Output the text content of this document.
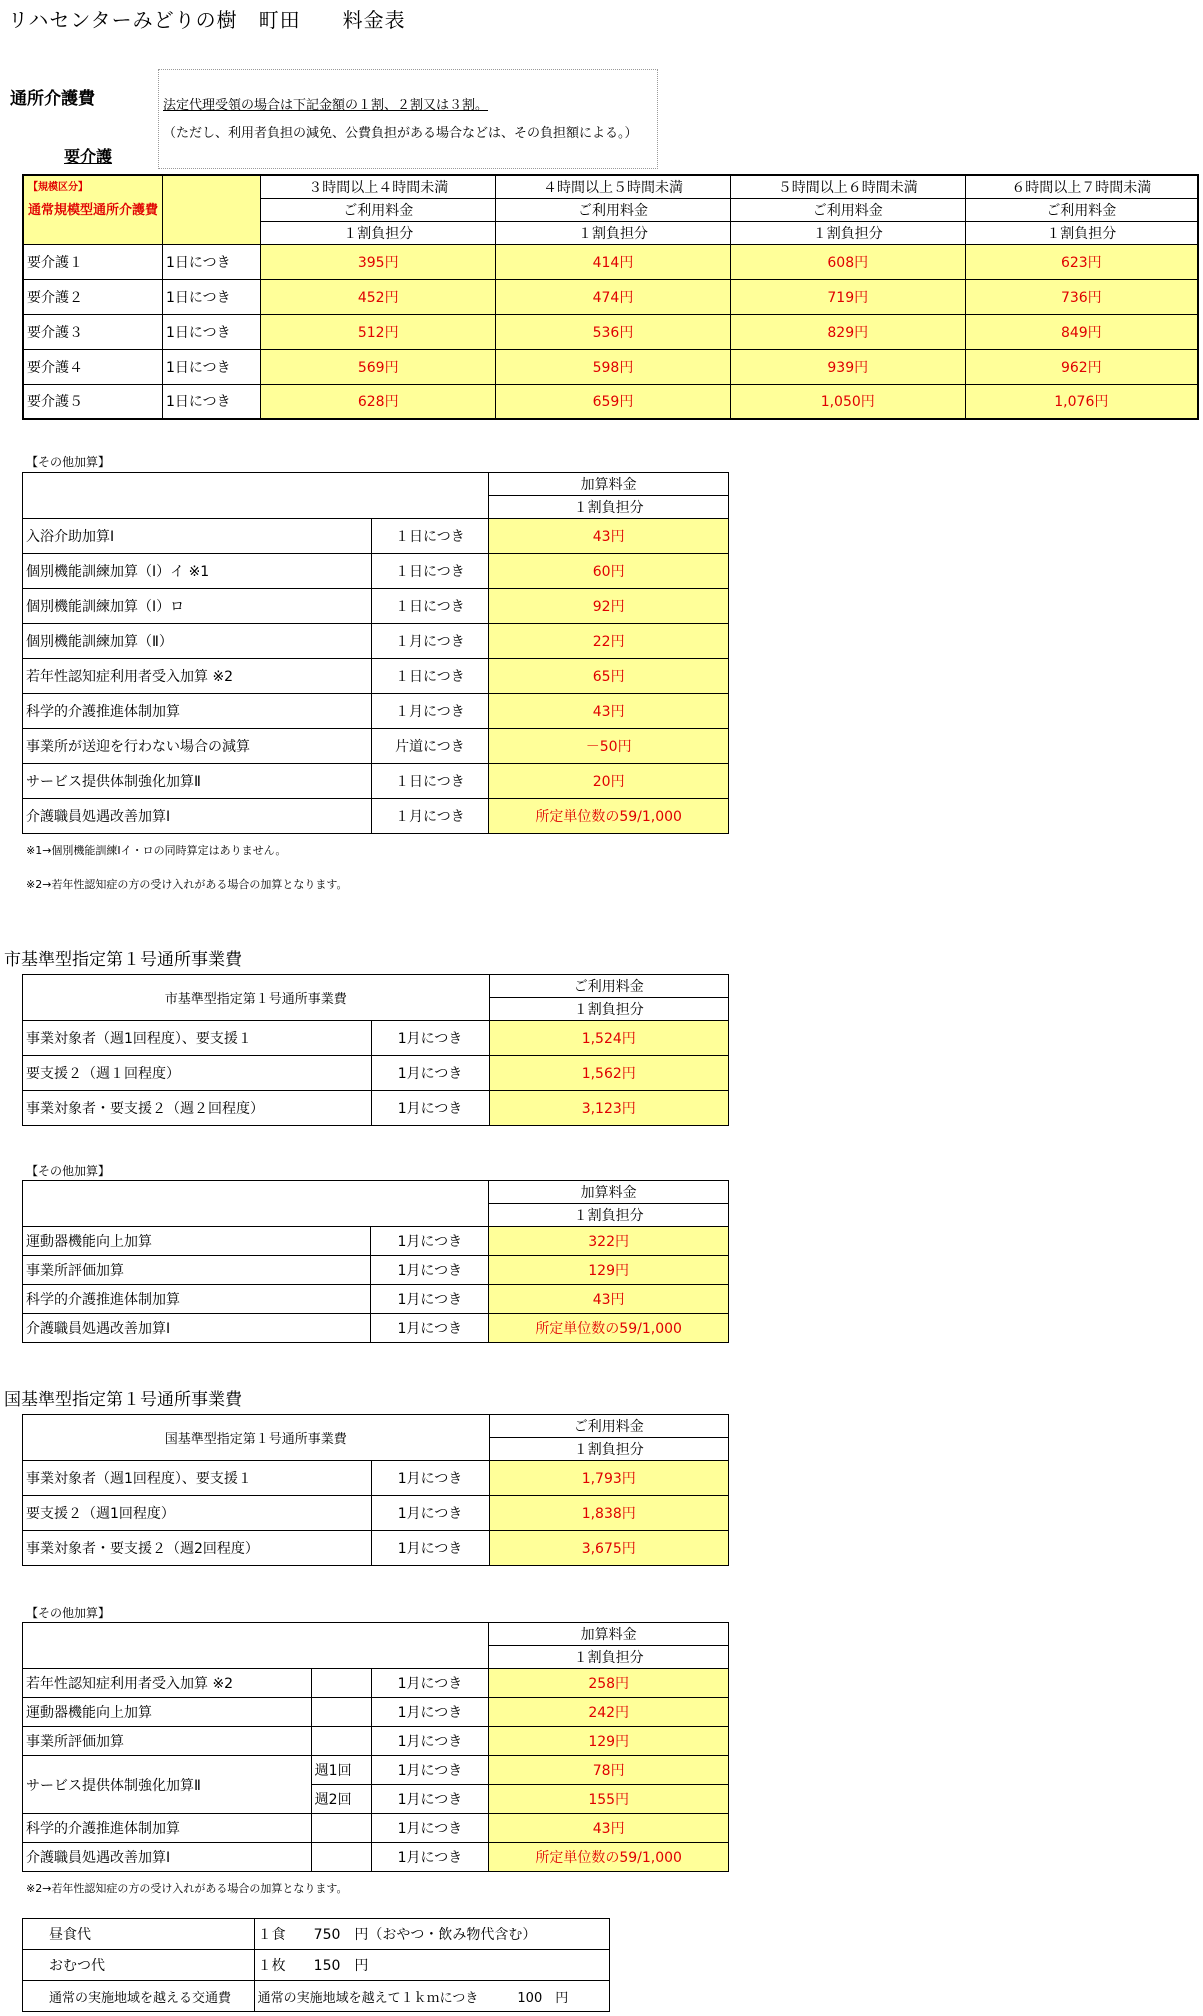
リハセンターみどりの樹　町田　　料金表
通所介護費	法定代理受領の場合は下記金額の１割、２割又は３割。
（ただし、利用者負担の減免、公費負担がある場合などは、その負担額による。）
要介護
【規模区分】
通常規模型通所介護費		３時間以上４時間未満	４時間以上５時間未満	５時間以上６時間未満	６時間以上７時間未満
		ご利用料金	ご利用料金	ご利用料金	ご利用料金
		１割負担分	１割負担分	１割負担分	１割負担分
要介護１	1日につき	395円	414円	608円	623円
要介護２	1日につき	452円	474円	719円	736円
要介護３	1日につき	512円	536円	829円	849円
要介護４	1日につき	569円	598円	939円	962円
要介護５	1日につき	628円	659円	1,050円	1,076円
【その他加算】
		加算料金
		１割負担分
入浴介助加算Ⅰ	１日につき	43円
個別機能訓練加算（Ⅰ）イ ※1	１日につき	60円
個別機能訓練加算（Ⅰ）ロ	１日につき	92円
個別機能訓練加算（Ⅱ）	１月につき	22円
若年性認知症利用者受入加算 ※2	１日につき	65円
科学的介護推進体制加算	１月につき	43円
事業所が送迎を行わない場合の減算	片道につき	－50円
サービス提供体制強化加算Ⅱ	１日につき	20円
介護職員処遇改善加算Ⅰ	１月につき	所定単位数の59/1,000
※1→個別機能訓練Ⅰイ・ロの同時算定はありません。
※2→若年性認知症の方の受け入れがある場合の加算となります。
市基準型指定第１号通所事業費
市基準型指定第１号通所事業費		ご利用料金
		１割負担分
事業対象者（週1回程度）、要支援１	1月につき	1,524円
要支援２（週１回程度）	1月につき	1,562円
事業対象者・要支援２（週２回程度）	1月につき	3,123円
【その他加算】
		加算料金
		１割負担分
運動器機能向上加算	1月につき	322円
事業所評価加算	1月につき	129円
科学的介護推進体制加算	1月につき	43円
介護職員処遇改善加算Ⅰ	1月につき	所定単位数の59/1,000
国基準型指定第１号通所事業費
国基準型指定第１号通所事業費		ご利用料金
		１割負担分
事業対象者（週1回程度）、要支援１	1月につき	1,793円
要支援２（週1回程度）	1月につき	1,838円
事業対象者・要支援２（週2回程度）	1月につき	3,675円
【その他加算】
			加算料金
			１割負担分
若年性認知症利用者受入加算 ※2		1月につき	258円
運動器機能向上加算		1月につき	242円
事業所評価加算		1月につき	129円
サービス提供体制強化加算Ⅱ	週1回	1月につき	78円
	週2回	1月につき	155円
科学的介護推進体制加算		1月につき	43円
介護職員処遇改善加算Ⅰ		1月につき	所定単位数の59/1,000
※2→若年性認知症の方の受け入れがある場合の加算となります。
昼食代	１食　　750　円（おやつ・飲み物代含む）
おむつ代	１枚　　150　円
通常の実施地域を越える交通費	通常の実施地域を越えて１ｋｍにつき　　　100　円
